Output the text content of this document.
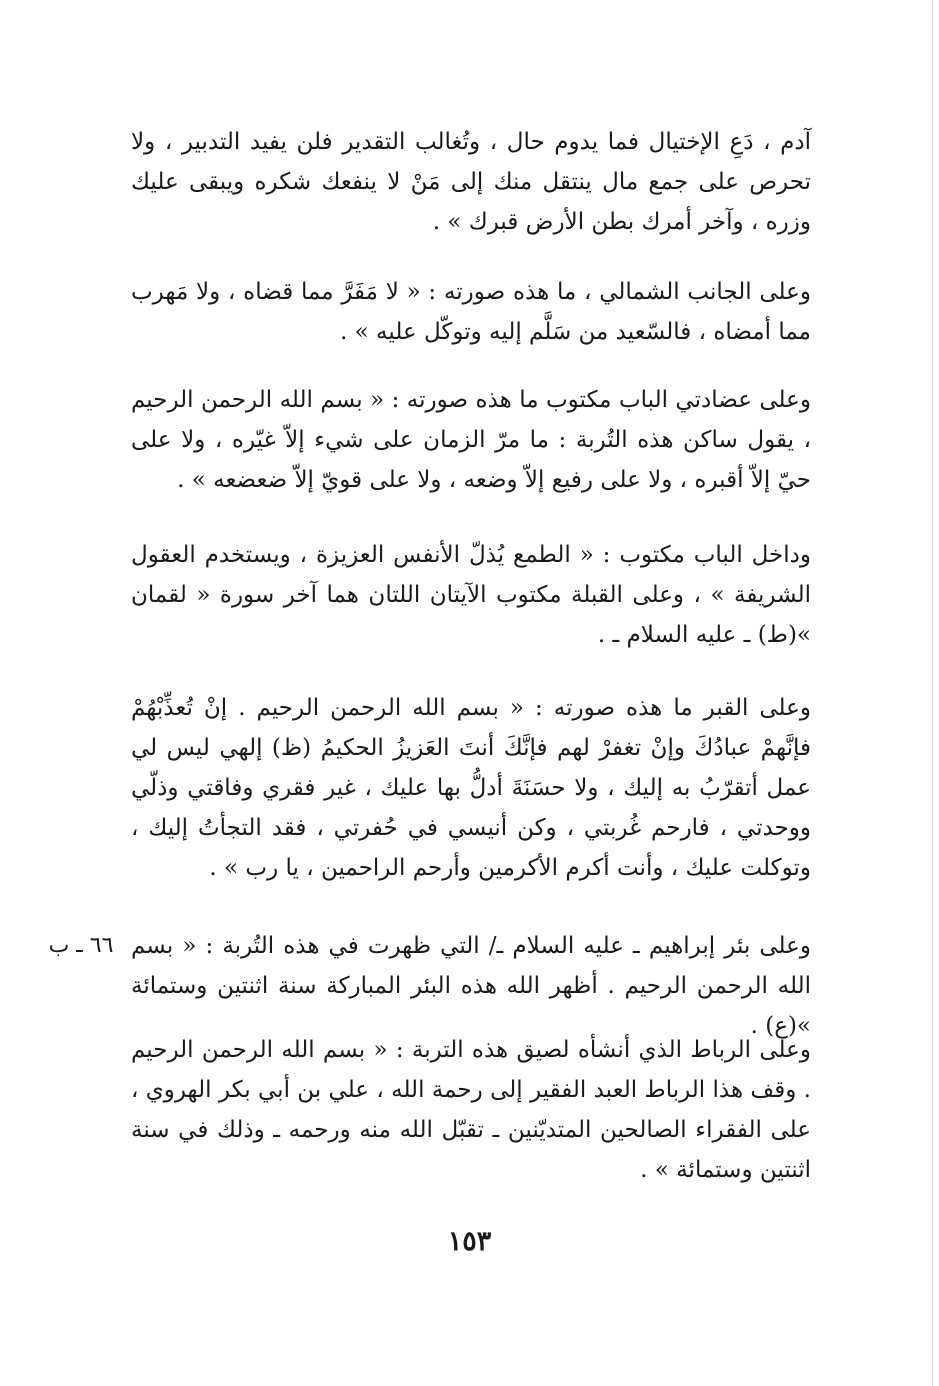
آدم ، دَعِ الإختيال فما يدوم حال ، وتُغالب التقدير فلن يفيد التدبير ، ولا تحرص على جمع مال ينتقل منك إلى مَنْ لا ينفعك شكره ويبقى عليك وزره ، وآخر أمرك بطن الأرض قبرك » .

وعلى الجانب الشمالي ، ما هذه صورته : « لا مَفَرَّ مما قضاه ، ولا مَهرب مما أمضاه ، فالسّعيد من سَلَّم إليه وتوكّل عليه » .

وعلى عضادتي الباب مكتوب ما هذه صورته : « بسم الله الرحمن الرحيم ، يقول ساكن هذه التُربة : ما مرّ الزمان على شيء إلاّ غيّره ، ولا على حيّ إلاّ أقبره ، ولا على رفيع إلاّ وضعه ، ولا على قويّ إلاّ ضعضعه » .

وداخل الباب مكتوب : « الطمع يُذلّ الأنفس العزيزة ، ويستخدم العقول الشريفة » ، وعلى القبلة مكتوب الآيتان اللتان هما آخر سورة « لقمان »(ط) ـ عليه السلام ـ .

وعلى القبر ما هذه صورته : « بسم الله الرحمن الرحيم . إنْ تُعذِّبْهُمْ فإنَّهمْ عبادُكَ وإنْ تغفرْ لهم فإنَّكَ أنتَ العَزيزُ الحكيمُ (ظ) إلهي ليس لي عمل أتقرّبُ به إليك ، ولا حسَنَةَ أدلُّ بها عليك ، غير فقري وفاقتي وذلّي ووحدتي ، فارحم غُربتي ، وكن أنيسي في حُفرتي ، فقد التجأتُ إليك ، وتوكلت عليك ، وأنت أكرم الأكرمين وأرحم الراحمين ، يا رب » .

وعلى بئر إبراهيم ـ عليه السلام ـ/ التي ظهرت في هذه التُربة : « بسم الله الرحمن الرحيم . أظهر الله هذه البئر المباركة سنة اثنتين وستمائة »(ع) .

وعلى الرباط الذي أنشأه لصيق هذه التربة : « بسم الله الرحمن الرحيم . وقف هذا الرباط العبد الفقير إلى رحمة الله ، علي بن أبي بكر الهروي ، على الفقراء الصالحين المتديّنين ـ تقبّل الله منه ورحمه ـ وذلك في سنة اثنتين وستمائة » .

٦٦ ـ ب
١٥٣
